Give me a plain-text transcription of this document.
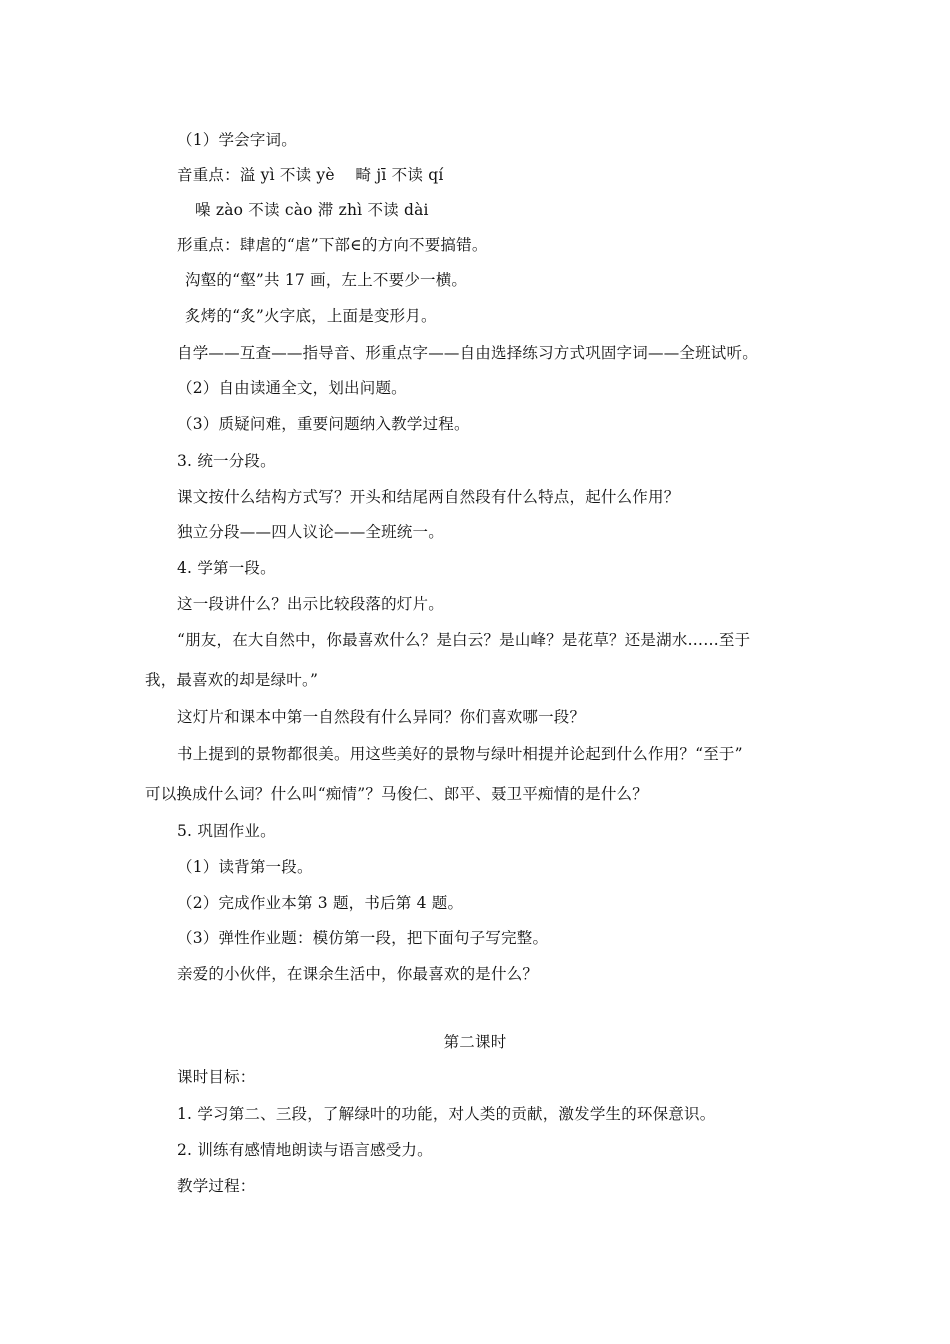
（1）学会字词。
音重点：溢 yì 不读 yè　 畸 jī 不读 qí
噪 zào 不读 cào 滞 zhì 不读 dài
形重点：肆虐的“虐”下部∈的方向不要搞错。
沟壑的“壑”共 17 画，左上不要少一横。
炙烤的“炙”火字底，上面是变形月。
自学——互查——指导音、形重点字——自由选择练习方式巩固字词——全班试听。
（2）自由读通全文，划出问题。
（3）质疑问难，重要问题纳入教学过程。
3. 统一分段。
课文按什么结构方式写？开头和结尾两自然段有什么特点，起什么作用？
独立分段——四人议论——全班统一。
4. 学第一段。
这一段讲什么？出示比较段落的灯片。
“朋友，在大自然中，你最喜欢什么？是白云？是山峰？是花草？还是湖水……至于
我，最喜欢的却是绿叶。”
这灯片和课本中第一自然段有什么异同？你们喜欢哪一段？
书上提到的景物都很美。用这些美好的景物与绿叶相提并论起到什么作用？“至于”
可以换成什么词？什么叫“痴情”？马俊仁、郎平、聂卫平痴情的是什么？
5. 巩固作业。
（1）读背第一段。
（2）完成作业本第 3 题，书后第 4 题。
（3）弹性作业题：模仿第一段，把下面句子写完整。
亲爱的小伙伴，在课余生活中，你最喜欢的是什么？
第二课时
课时目标：
1. 学习第二、三段，了解绿叶的功能，对人类的贡献，激发学生的环保意识。
2. 训练有感情地朗读与语言感受力。
教学过程：
